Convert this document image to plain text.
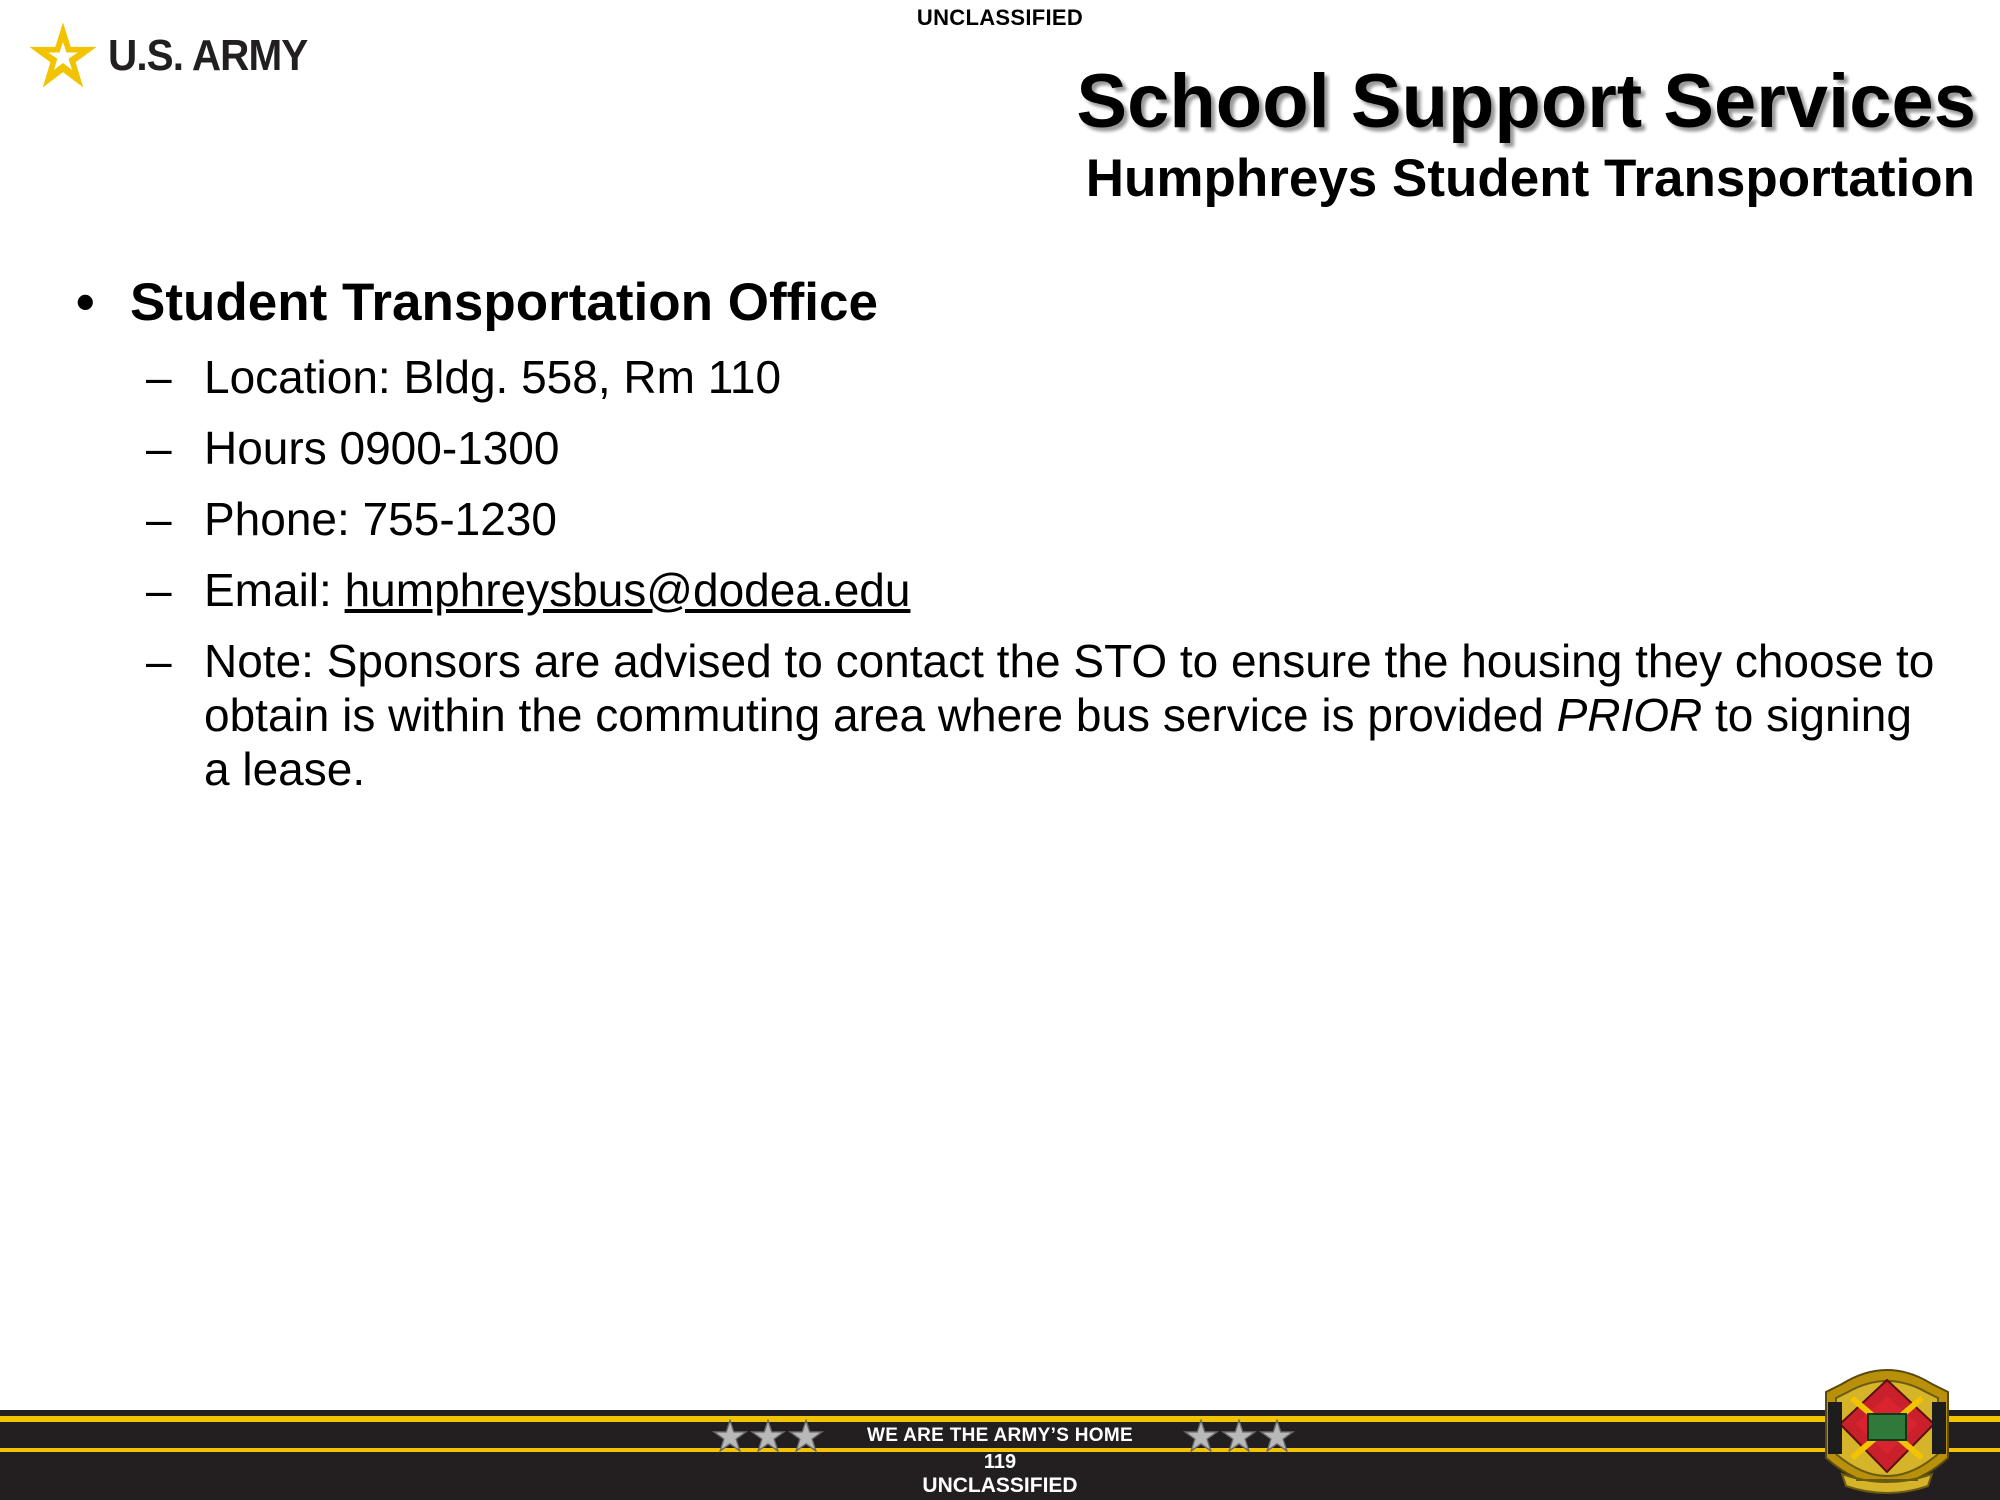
UNCLASSIFIED
U.S. ARMY
School Support Services
Humphreys Student Transportation
• Student Transportation Office
– Location: Bldg. 558, Rm 110
– Hours 0900-1300
– Phone: 755-1230
– Email: humphreysbus@dodea.edu
– Note: Sponsors are advised to contact the STO to ensure the housing they choose to obtain is within the commuting area where bus service is provided PRIOR to signing a lease.
WE ARE THE ARMY’S HOME
119
UNCLASSIFIED
